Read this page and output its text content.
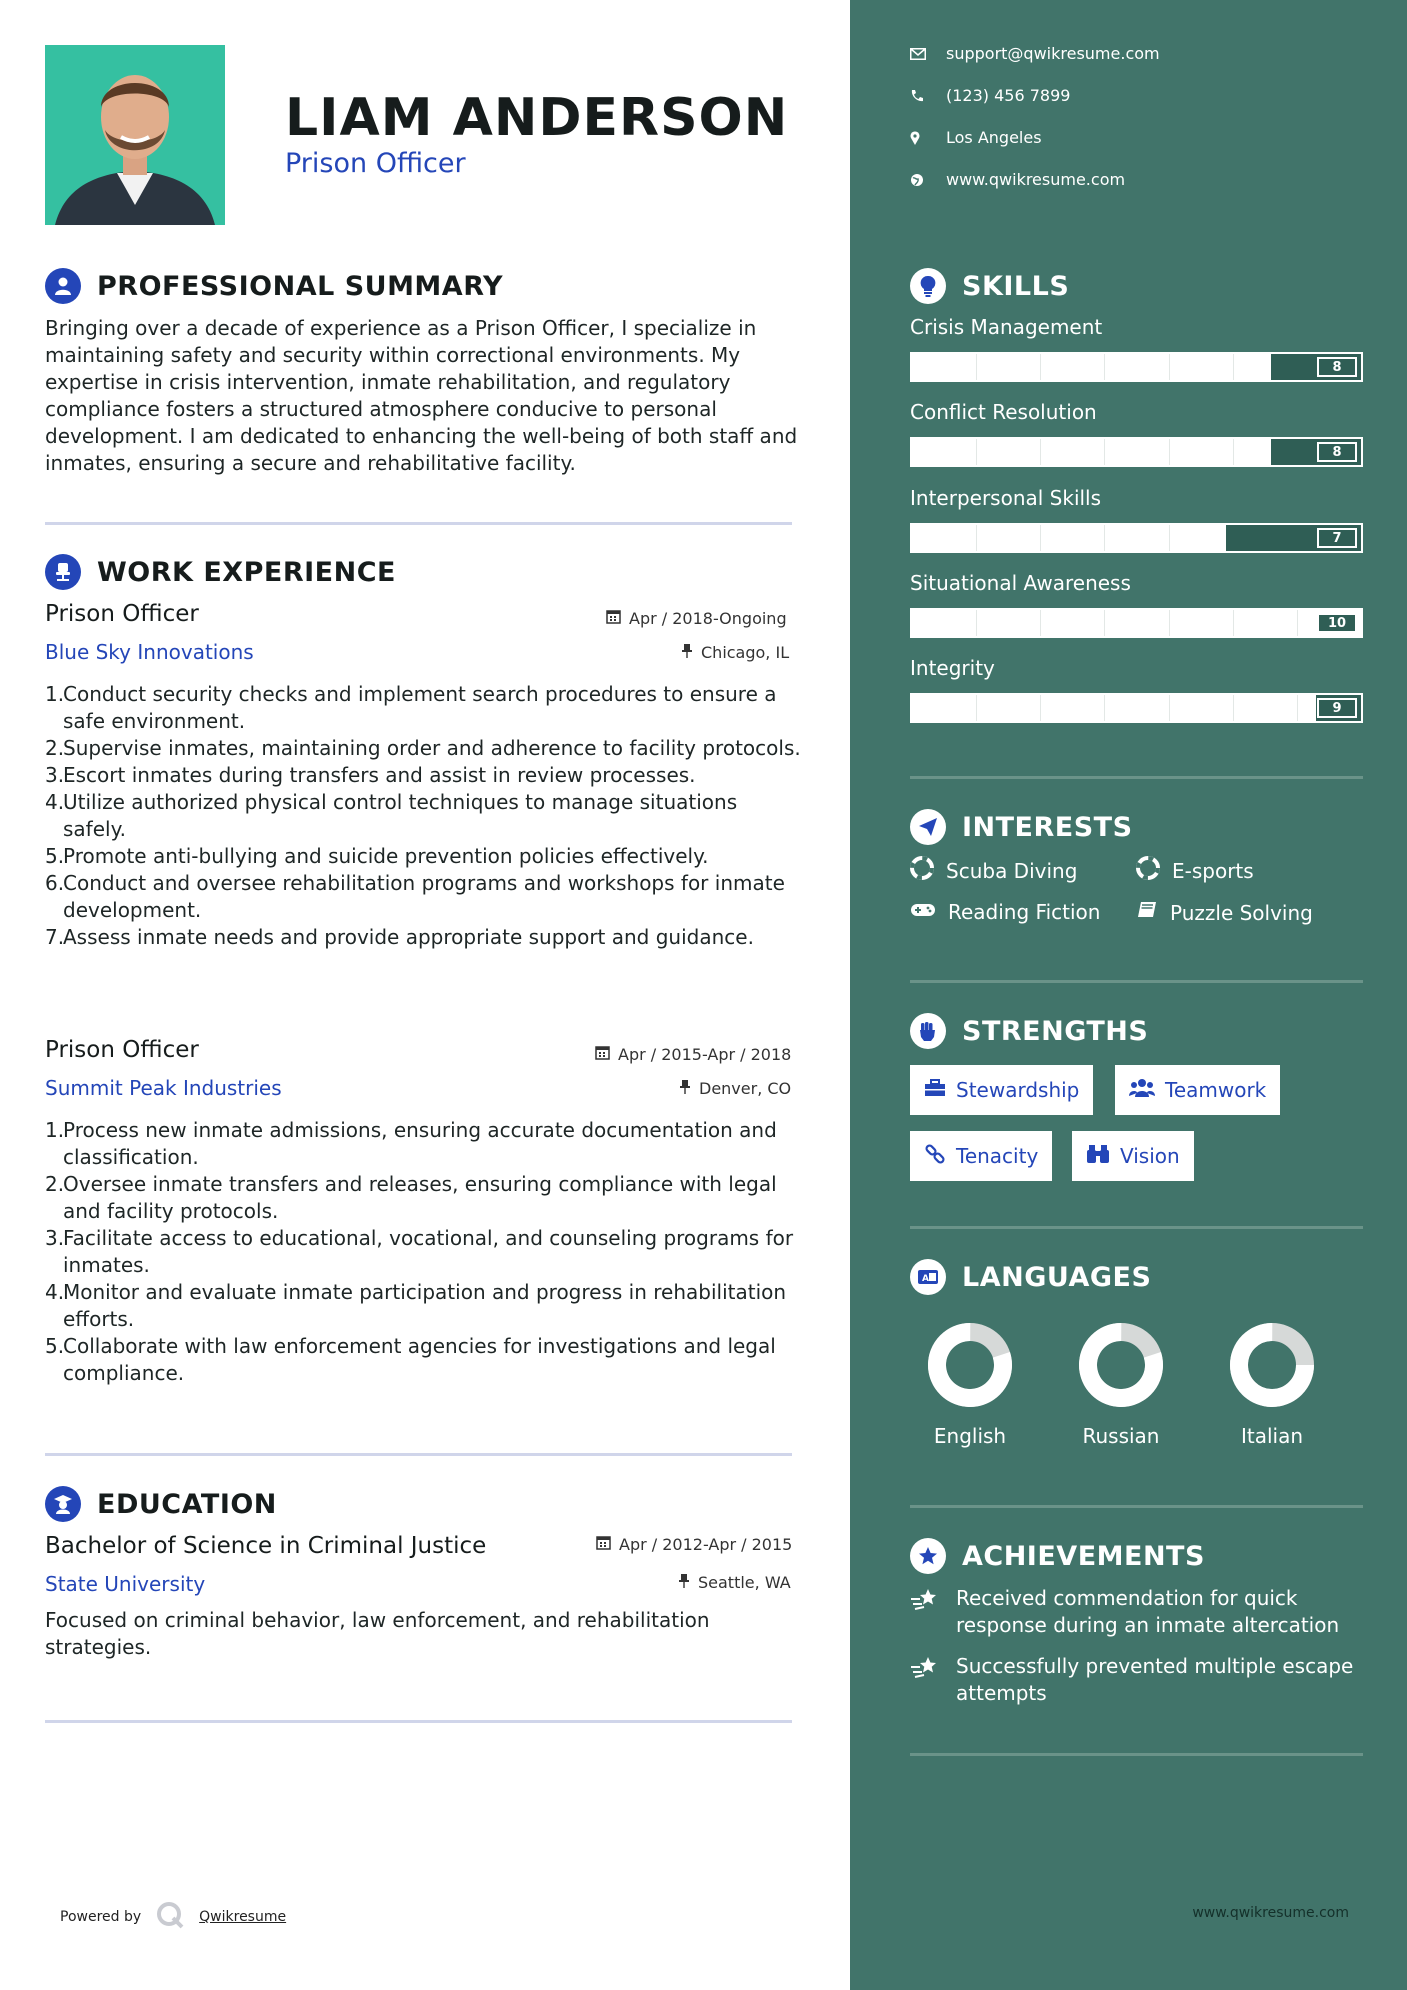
LIAM ANDERSON
Prison Officer
PROFESSIONAL SUMMARY
Bringing over a decade of experience as a Prison Officer, I specialize in maintaining safety and security within correctional environments. My expertise in crisis intervention, inmate rehabilitation, and regulatory compliance fosters a structured atmosphere conducive to personal development. I am dedicated to enhancing the well-being of both staff and inmates, ensuring a secure and rehabilitative facility.
WORK EXPERIENCE
Prison Officer	Apr / 2018-Ongoing
Blue Sky Innovations	Chicago, IL
1.
Conduct security checks and implement search procedures to ensure a safe environment.
2.
Supervise inmates, maintaining order and adherence to facility protocols.
3.
Escort inmates during transfers and assist in review processes.
4.
Utilize authorized physical control techniques to manage situations safely.
5.
Promote anti-bullying and suicide prevention policies effectively.
6.
Conduct and oversee rehabilitation programs and workshops for inmate development.
7.
Assess inmate needs and provide appropriate support and guidance.
Prison Officer	Apr / 2015-Apr / 2018
Summit Peak Industries	Denver, CO
1.
Process new inmate admissions, ensuring accurate documentation and classification.
2.
Oversee inmate transfers and releases, ensuring compliance with legal and facility protocols.
3.
Facilitate access to educational, vocational, and counseling programs for inmates.
4.
Monitor and evaluate inmate participation and progress in rehabilitation efforts.
5.
Collaborate with law enforcement agencies for investigations and legal compliance.
EDUCATION
Bachelor of Science in Criminal Justice	Apr / 2012-Apr / 2015
State University	Seattle, WA
Focused on criminal behavior, law enforcement, and rehabilitation strategies.
Powered by	Qwikresume
support@qwikresume.com
(123) 456 7899
Los Angeles
www.qwikresume.com
SKILLS
Crisis Management
8
Conflict Resolution
8
Interpersonal Skills
7
Situational Awareness
10
Integrity
9
INTERESTS
Scuba Diving	E-sports
Reading Fiction	Puzzle Solving
STRENGTHS
Stewardship	Teamwork
Tenacity	Vision
A LANGUAGES
English	Russian	Italian
ACHIEVEMENTS
Received commendation for quick response during an inmate altercation
Successfully prevented multiple escape attempts
www.qwikresume.com
